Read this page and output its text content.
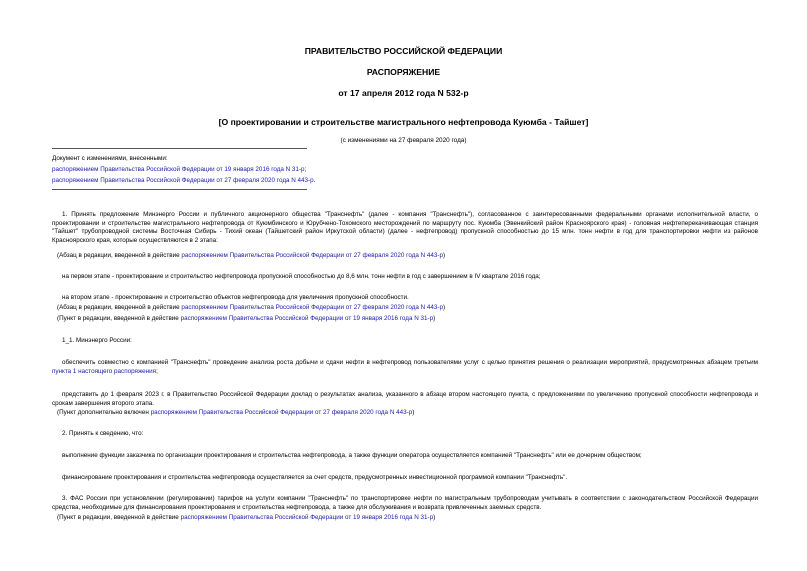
ПРАВИТЕЛЬСТВО РОССИЙСКОЙ ФЕДЕРАЦИИ
РАСПОРЯЖЕНИЕ
от 17 апреля 2012 года N 532-р
[О проектировании и строительстве магистрального нефтепровода Куюмба - Тайшет]
(с изменениями на 27 февраля 2020 года)
Документ с изменениями, внесенными:
распоряжением Правительства Российской Федерации от 19 января 2016 года N 31-р;
распоряжением Правительства Российской Федерации от 27 февраля 2020 года N 443-р.
1. Принять предложение Минэнерго России и публичного акционерного общества "Транснефть" (далее - компания "Транснефть"), согласованное с заинтересованными федеральными органами исполнительной власти, о проектировании и строительстве магистрального нефтепровода от Куюмбинского и Юрубчено-Тохомского месторождений по маршруту пос. Куюмба (Эвенкийский район Красноярского края) - головная нефтеперекачивающая станция "Тайшет" трубопроводной системы Восточная Сибирь - Тихий океан (Тайшетский район Иркутской области) (далее - нефтепровод) пропускной способностью до 15 млн. тонн нефти в год для транспортировки нефти из районов Красноярского края, которые осуществляются в 2 этапа:
(Абзац в редакции, введенной в действие распоряжением Правительства Российской Федерации от 27 февраля 2020 года N 443-р)
на первом этапе - проектирование и строительство нефтепровода пропускной способностью до 8,6 млн. тонн нефти в год с завершением в IV квартале 2016 года;
на втором этапе - проектирование и строительство объектов нефтепровода для увеличения пропускной способности.
(Абзац в редакции, введенной в действие распоряжением Правительства Российской Федерации от 27 февраля 2020 года N 443-р)
(Пункт в редакции, введенной в действие распоряжением Правительства Российской Федерации от 19 января 2016 года N 31-р)
1_1. Минэнерго России:
обеспечить совместно с компанией "Транснефть" проведение анализа роста добычи и сдачи нефти в нефтепровод пользователями услуг с целью принятия решения о реализации мероприятий, предусмотренных абзацем третьим пункта 1 настоящего распоряжения;
представить до 1 февраля 2023 г. в Правительство Российской Федерации доклад о результатах анализа, указанного в абзаце втором настоящего пункта, с предложениями по увеличению пропускной способности нефтепровода и срокам завершения второго этапа.
(Пункт дополнительно включен распоряжением Правительства Российской Федерации от 27 февраля 2020 года N 443-р)
2. Принять к сведению, что:
выполнение функции заказчика по организации проектирования и строительства нефтепровода, а также функции оператора осуществляется компанией "Транснефть" или ее дочерним обществом;
финансирование проектирования и строительства нефтепровода осуществляется за счет средств, предусмотренных инвестиционной программой компании "Транснефть".
3. ФАС России при установлении (регулировании) тарифов на услуги компании "Транснефть" по транспортировке нефти по магистральным трубопроводам учитывать в соответствии с законодательством Российской Федерации средства, необходимые для финансирования проектирования и строительства нефтепровода, а также для обслуживания и возврата привлеченных заемных средств.
(Пункт в редакции, введенной в действие распоряжением Правительства Российской Федерации от 19 января 2016 года N 31-р)
